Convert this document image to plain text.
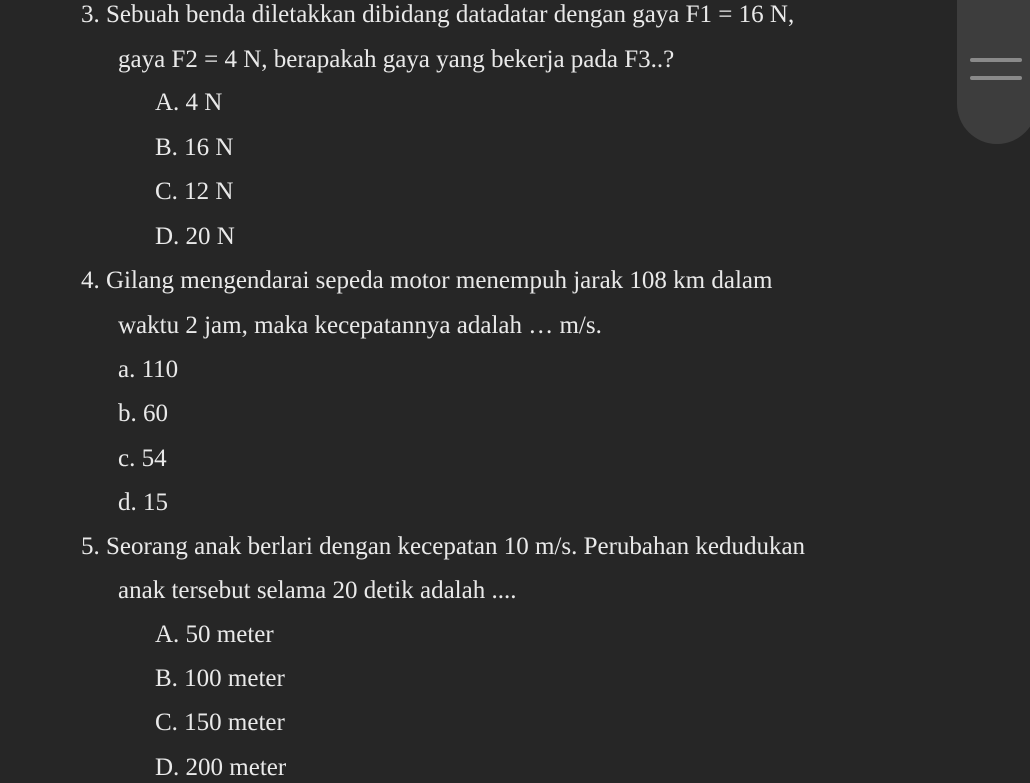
3. Sebuah benda diletakkan dibidang datadatar dengan gaya F1 = 16 N,
gaya F2 = 4 N, berapakah gaya yang bekerja pada F3..?
A. 4 N
B. 16 N
C. 12 N
D. 20 N
4. Gilang mengendarai sepeda motor menempuh jarak 108 km dalam
waktu 2 jam, maka kecepatannya adalah … m/s.
a. 110
b. 60
c. 54
d. 15
5. Seorang anak berlari dengan kecepatan 10 m/s. Perubahan kedudukan
anak tersebut selama 20 detik adalah ....
A. 50 meter
B. 100 meter
C. 150 meter
D. 200 meter
